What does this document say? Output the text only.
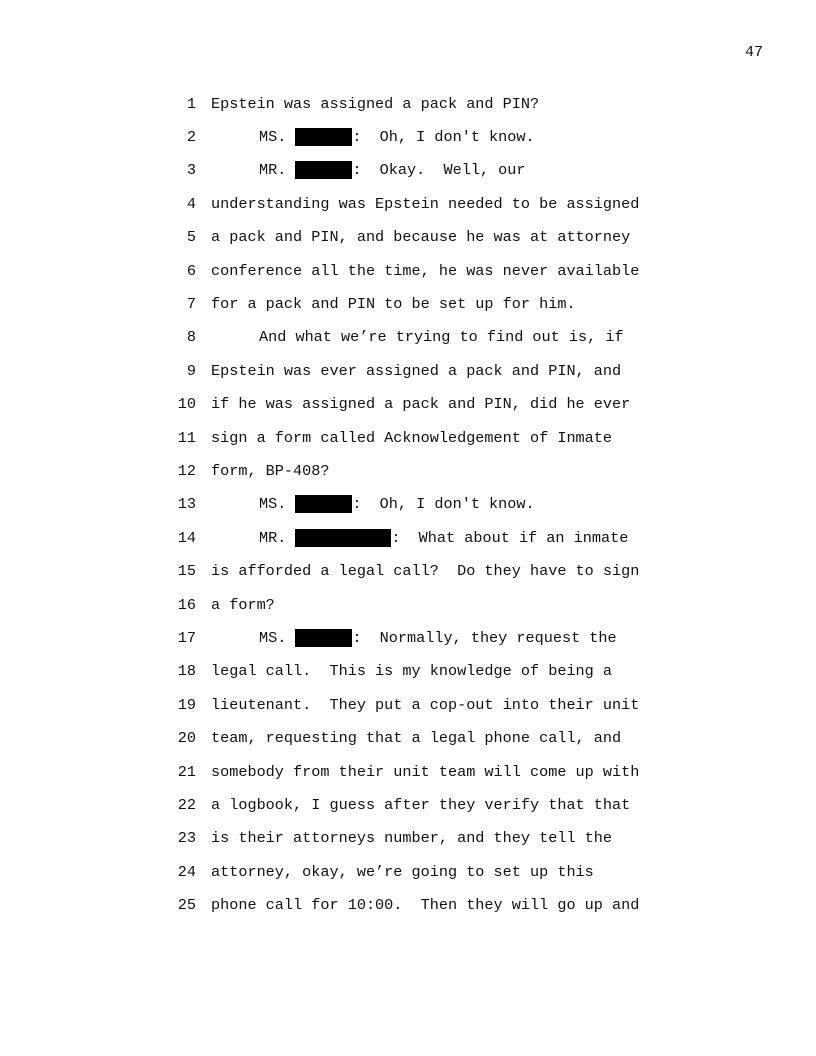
47
1 Epstein was assigned a pack and PIN?
2	MS.	:  Oh, I don't know.
3	MR.	:  Okay.  Well, our
4 understanding was Epstein needed to be assigned
5 a pack and PIN, and because he was at attorney
6 conference all the time, he was never available
7 for a pack and PIN to be set up for him.
8	And what we’re trying to find out is, if
9 Epstein was ever assigned a pack and PIN, and
10 if he was assigned a pack and PIN, did he ever
11 sign a form called Acknowledgement of Inmate
12 form, BP-408?
13	MS.	:  Oh, I don't know.
14	MR.	:  What about if an inmate
15 is afforded a legal call?  Do they have to sign
16 a form?
17	MS.	:  Normally, they request the
18 legal call.  This is my knowledge of being a
19 lieutenant.  They put a cop-out into their unit
20 team, requesting that a legal phone call, and
21 somebody from their unit team will come up with
22 a logbook, I guess after they verify that that
23 is their attorneys number, and they tell the
24 attorney, okay, we’re going to set up this
25 phone call for 10:00.  Then they will go up and
